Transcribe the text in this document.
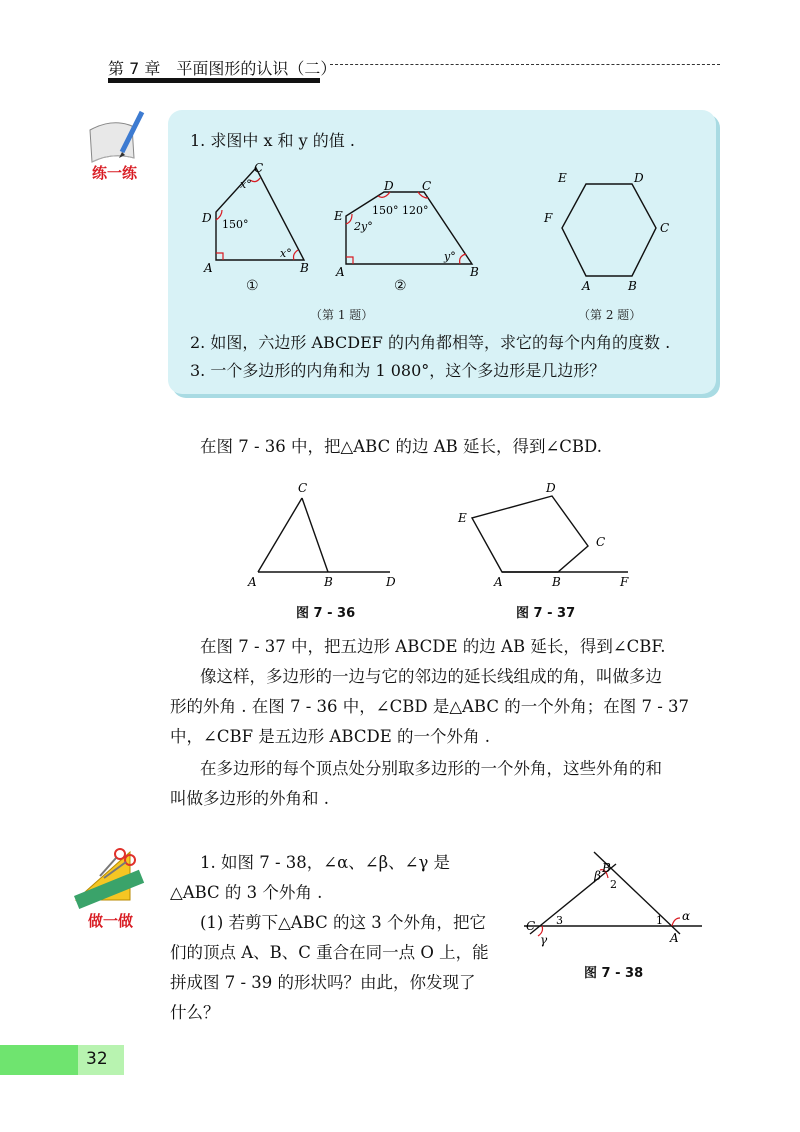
第 7 章　平面图形的认识（二）
练一练
1. 求图中 x 和 y 的值 .
A	B
C
D
x°
150°
x°
①
A	B
C
D
E
2y°
150° 120°
y°
②
（第 1 题）
A	B
C
D
E
F
（第 2 题）
2. 如图，六边形 ABCDEF 的内角都相等，求它的每个内角的度数 .
3. 一个多边形的内角和为 1 080°，这个多边形是几边形？
在图 7 - 36 中，把△ABC 的边 AB 延长，得到∠CBD.
A	B
C
D
图 7 - 36
A	B
C
D
E
F
图 7 - 37
在图 7 - 37 中，把五边形 ABCDE 的边 AB 延长，得到∠CBF.
像这样，多边形的一边与它的邻边的延长线组成的角，叫做多边
形的外角 . 在图 7 - 36 中，∠CBD 是△ABC 的一个外角；在图 7 - 37
中，∠CBF 是五边形 ABCDE 的一个外角 .
在多边形的每个顶点处分别取多边形的一个外角，这些外角的和
叫做多边形的外角和 .
做一做
1. 如图 7 - 38，∠α、∠β、∠γ 是
△ABC 的 3 个外角 .
(1) 若剪下△ABC 的这 3 个外角，把它
们的顶点 A、B、C 重合在同一点 O 上，能
拼成图 7 - 39 的形状吗？由此，你发现了
什么？
B
β
C
γ	A
α
2
3	1
图 7 - 38
32
